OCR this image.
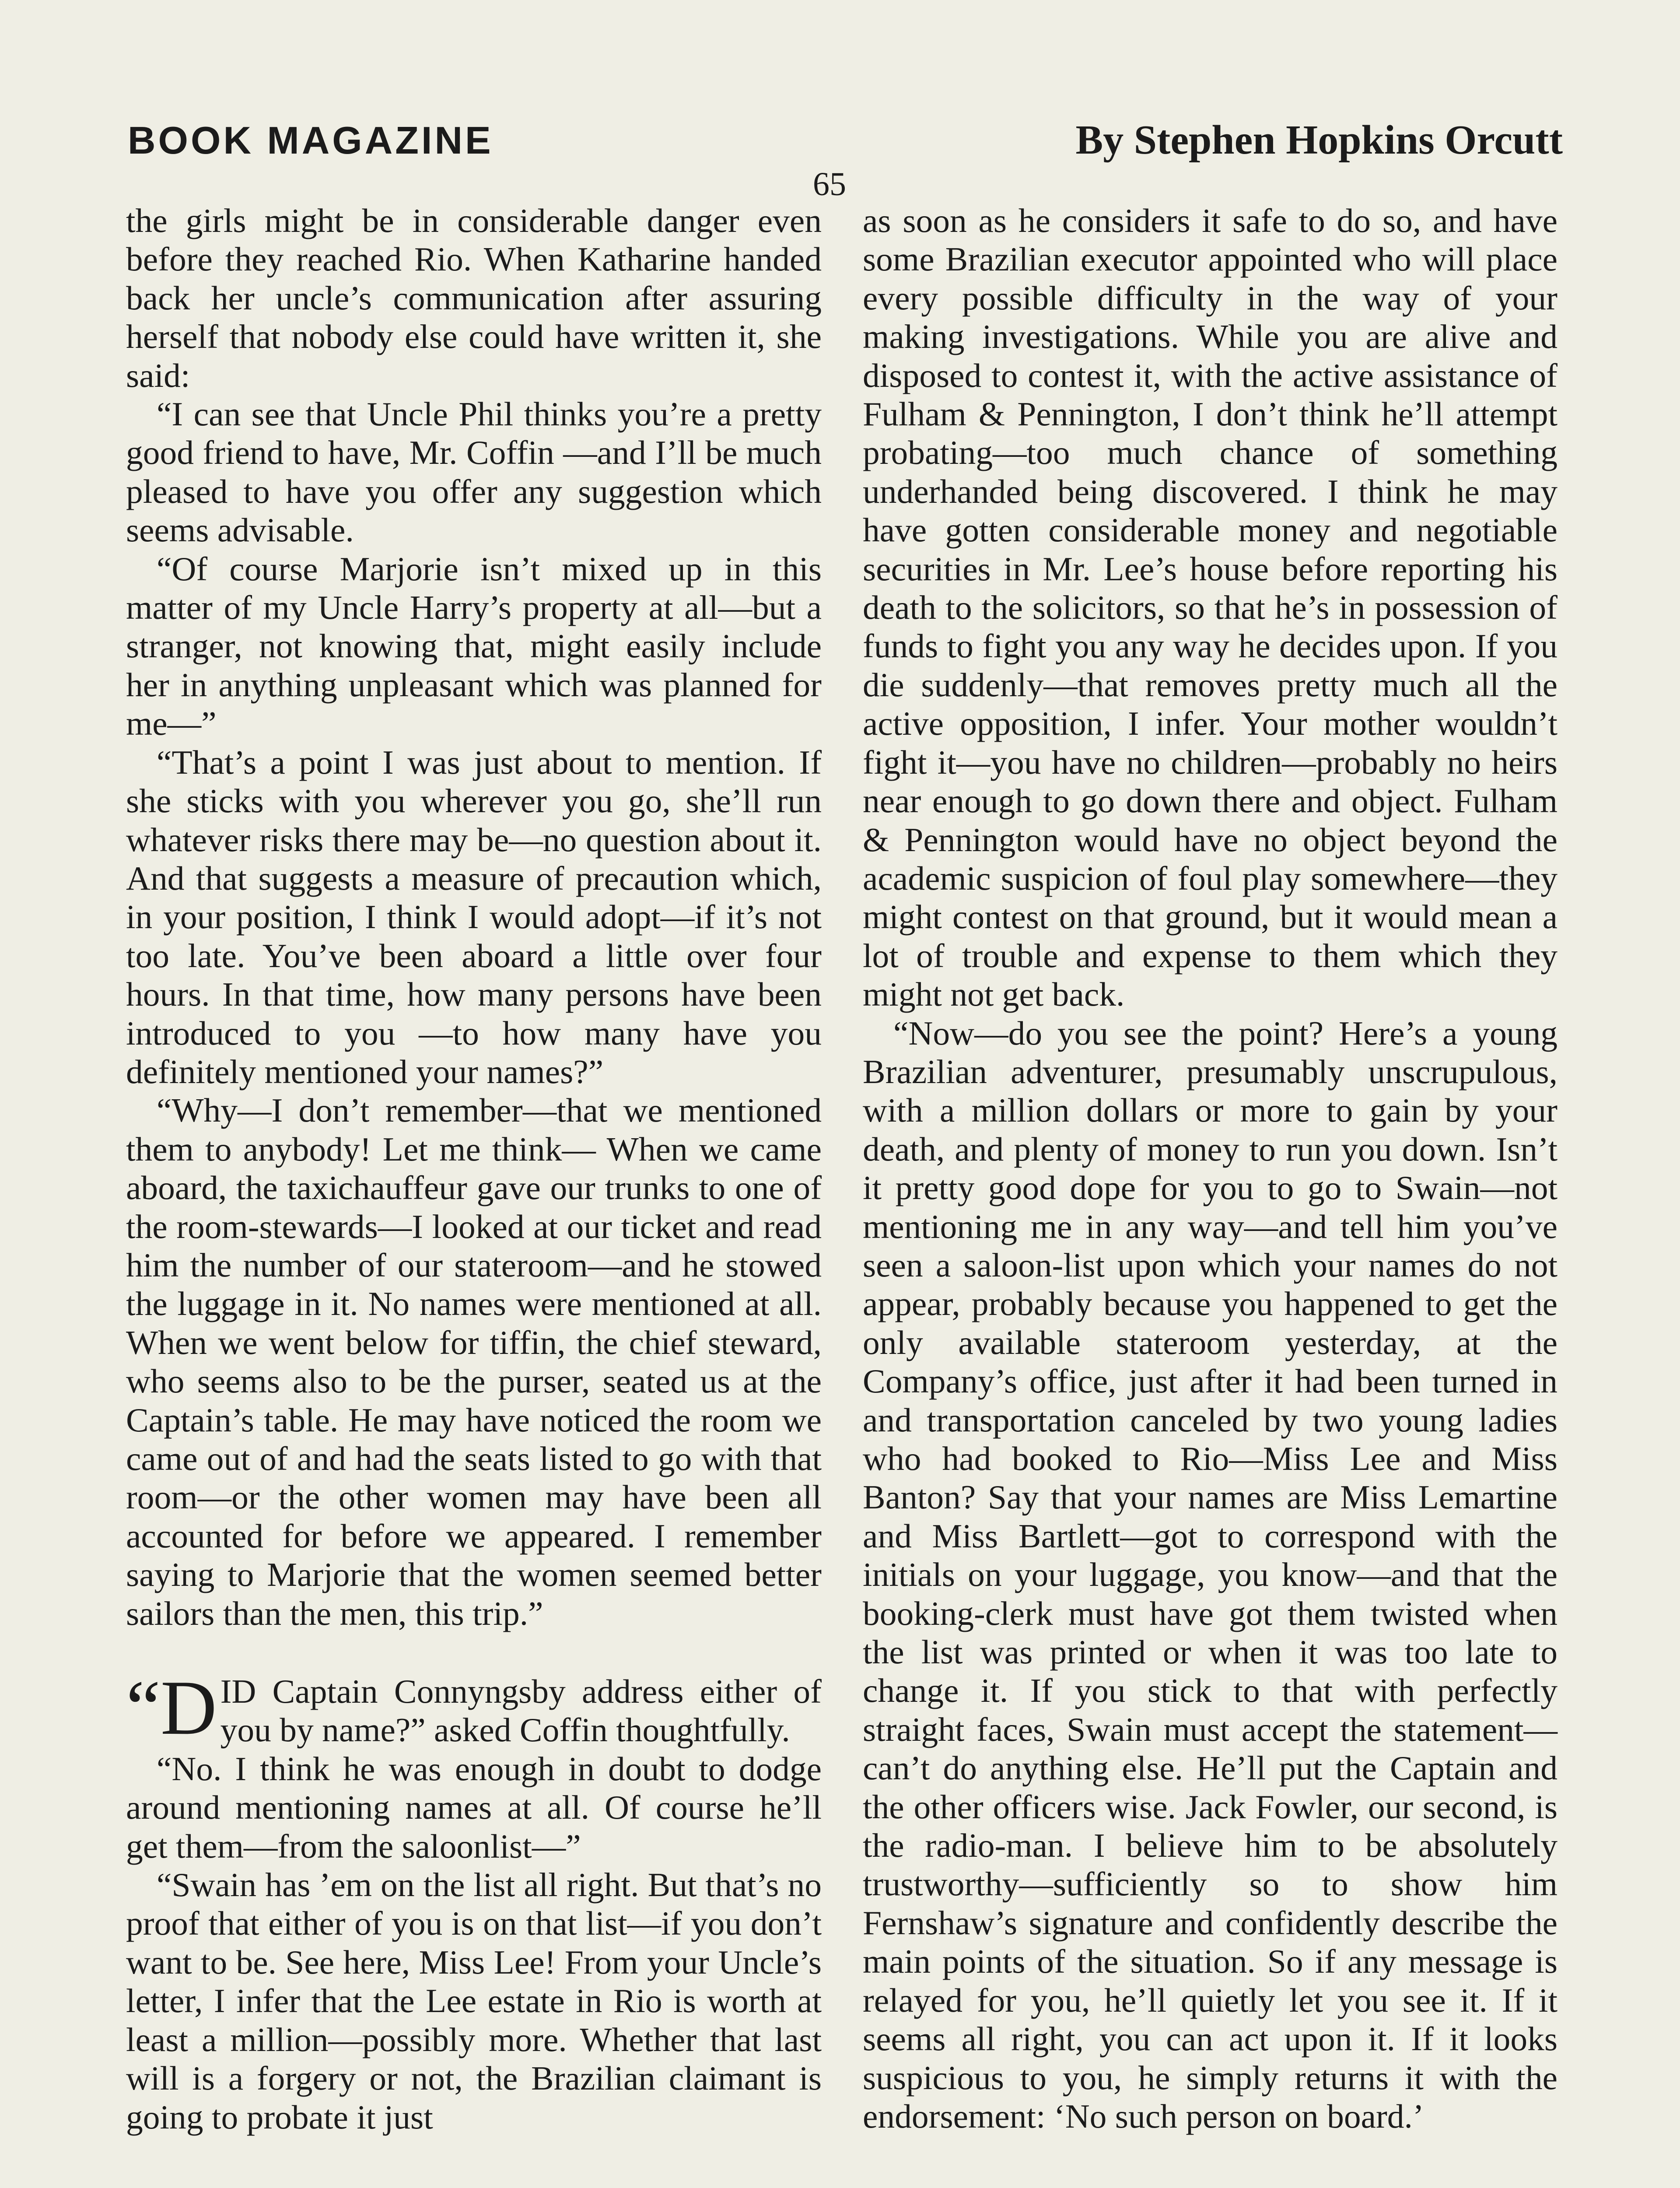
BOOK MAGAZINE	By Stephen Hopkins Orcutt
65

the girls might be in considerable danger even before they reached Rio. When Katharine handed back her uncle’s communication after assuring herself that nobody else could have written it, she said:

“I can see that Uncle Phil thinks you’re a pretty good friend to have, Mr. Coffin —and I’ll be much pleased to have you offer any suggestion which seems advisable.

“Of course Marjorie isn’t mixed up in this matter of my Uncle Harry’s property at all—but a stranger, not knowing that, might easily include her in anything unpleasant which was planned for me—”

“That’s a point I was just about to mention. If she sticks with you wherever you go, she’ll run whatever risks there may be—no question about it. And that suggests a measure of precaution which, in your position, I think I would adopt—if it’s not too late. You’ve been aboard a little over four hours. In that time, how many persons have been introduced to you —to how many have you definitely mentioned your names?”

“Why—I don’t remember—that we mentioned them to anybody! Let me think— When we came aboard, the taxichauffeur gave our trunks to one of the room-stewards—I looked at our ticket and read him the number of our stateroom—and he stowed the luggage in it. No names were mentioned at all. When we went below for tiffin, the chief steward, who seems also to be the purser, seated us at the Captain’s table. He may have noticed the room we came out of and had the seats listed to go with that room—or the other women may have been all accounted for before we appeared. I remember saying to Marjorie that the women seemed better sailors than the men, this trip.”

“D ID Captain Connyngsby address either of you by name?” asked Coffin thoughtfully.

“No. I think he was enough in doubt to dodge around mentioning names at all. Of course he’ll get them—from the saloonlist—”

“Swain has ’em on the list all right. But that’s no proof that either of you is on that list—if you don’t want to be. See here, Miss Lee! From your Uncle’s letter, I infer that the Lee estate in Rio is worth at least a million—possibly more. Whether that last will is a forgery or not, the Brazilian claimant is going to probate it just

as soon as he considers it safe to do so, and have some Brazilian executor appointed who will place every possible difficulty in the way of your making investigations. While you are alive and disposed to contest it, with the active assistance of Fulham & Pennington, I don’t think he’ll attempt probating—too much chance of something underhanded being discovered. I think he may have gotten considerable money and negotiable securities in Mr. Lee’s house before reporting his death to the solicitors, so that he’s in possession of funds to fight you any way he decides upon. If you die suddenly—that removes pretty much all the active opposition, I infer. Your mother wouldn’t fight it—you have no children—probably no heirs near enough to go down there and object. Fulham & Pennington would have no object beyond the academic suspicion of foul play somewhere—they might contest on that ground, but it would mean a lot of trouble and expense to them which they might not get back.

“Now—do you see the point? Here’s a young Brazilian adventurer, presumably unscrupulous, with a million dollars or more to gain by your death, and plenty of money to run you down. Isn’t it pretty good dope for you to go to Swain—not mentioning me in any way—and tell him you’ve seen a saloon-list upon which your names do not appear, probably because you happened to get the only available stateroom yesterday, at the Company’s office, just after it had been turned in and transportation canceled by two young ladies who had booked to Rio—Miss Lee and Miss Banton? Say that your names are Miss Lemartine and Miss Bartlett—got to correspond with the initials on your luggage, you know—and that the booking-clerk must have got them twisted when the list was printed or when it was too late to change it. If you stick to that with perfectly straight faces, Swain must accept the statement—can’t do anything else. He’ll put the Captain and the other officers wise. Jack Fowler, our second, is the radio-man. I believe him to be absolutely trustworthy—sufficiently so to show him Fernshaw’s signature and confidently describe the main points of the situation. So if any message is relayed for you, he’ll quietly let you see it. If it seems all right, you can act upon it. If it looks suspicious to you, he simply returns it with the endorsement: ‘No such person on board.’
